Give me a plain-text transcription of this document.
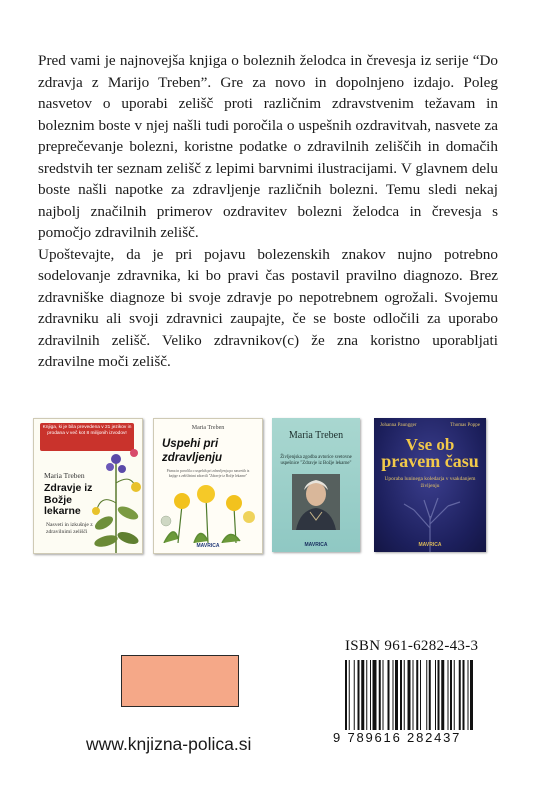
Pred vami je najnovejša knjiga o boleznih želodca in črevesja iz serije “Do zdravja z Marijo Treben”. Gre za novo in dopolnjeno izdajo. Poleg nasvetov o uporabi zelišč proti različnim zdravstvenim težavam in boleznim boste v njej našli tudi poročila o uspešnih ozdravitvah, nasvete za preprečevanje bolezni, koristne podatke o zdravilnih zeliščih in domačih sredstvih ter seznam zelišč z lepimi barvnimi ilustracijami. V glavnem delu boste našli napotke za zdravljenje različnih bolezni. Temu sledi nekaj najbolj značilnih primerov ozdravitev bolezni želodca in črevesja s pomočjo zdravilnih zelišč.

Upoštevajte, da je pri pojavu bolezenskih znakov nujno potrebno sodelovanje zdravnika, ki bo pravi čas postavil pravilno diagnozo. Brez zdravniške diagnoze bi svoje zdravje po nepotrebnem ogrožali. Svojemu zdravniku ali svoji zdravnici zaupajte, če se boste odločili za uporabo zdravilnih zelišč. Veliko zdravnikov(c) že zna koristno uporabljati zdravilne moči zelišč.

Knjiga, ki je bila prevedena v 21 jezikov in prodana v več kot 8 milijonih izvodov!
Maria Treben
Zdravje iz Božje lekarne
Nasveti in izkušnje z zdravilnimi zelišči
Maria Treben
Uspehi pri zdravljenju
Pisma in poročila o uspehih pri zdravljenju po nasvetih iz knjige z zeliščnimi zdravili "Zdravje iz Božje lekarne"
MAVRICA
Maria Treben
Življenjska zgodba avtorice svetovne uspešnice "Zdravje iz Božje lekarne"
MAVRICA
Johanna Paungger	Thomas Poppe
Vse ob
pravem času
Uporaba luninega koledarja v vsakdanjem življenju
MAVRICA
ISBN 961-6282-43-3
9 789616 282437
www.knjizna-polica.si
